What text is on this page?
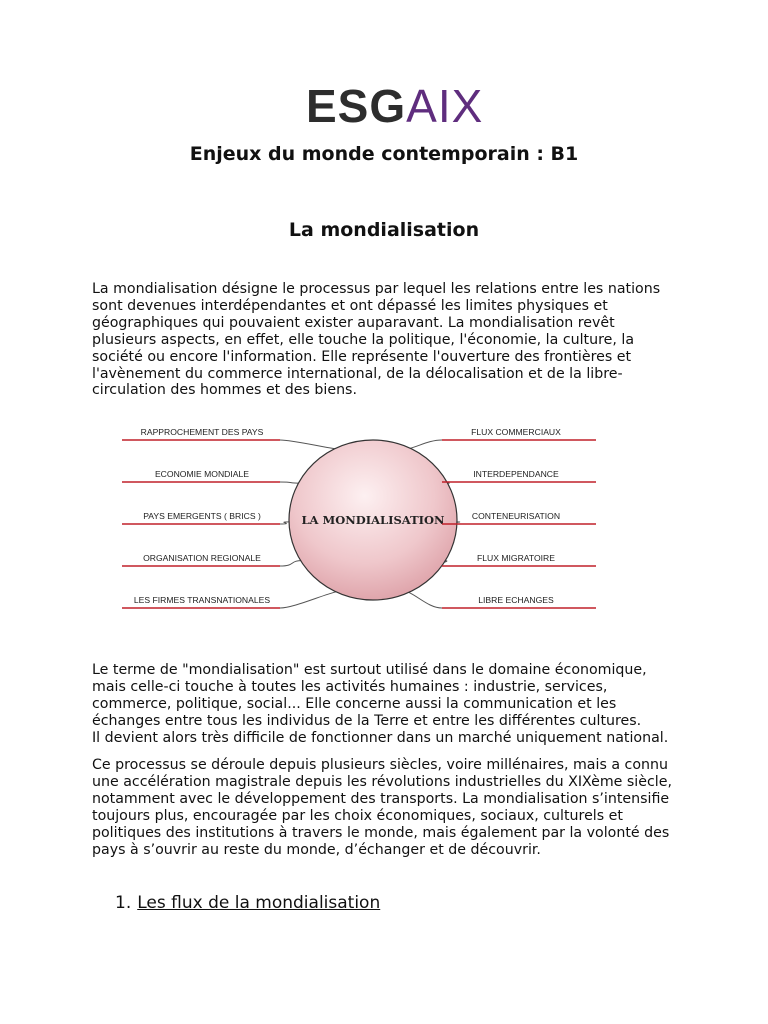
ESGAIX
Enjeux du monde contemporain : B1
La mondialisation
La mondialisation désigne le processus par lequel les relations entre les nations
sont devenues interdépendantes et ont dépassé les limites physiques et
géographiques qui pouvaient exister auparavant. La mondialisation revêt
plusieurs aspects, en effet, elle touche la politique, l'économie, la culture, la
société ou encore l'information. Elle représente l'ouverture des frontières et
l'avènement du commerce international, de la délocalisation et de la libre-
circulation des hommes et des biens.
LA MONDIALISATION
RAPPROCHEMENT DES PAYS
ECONOMIE MONDIALE
PAYS EMERGENTS ( BRICS )
ORGANISATION REGIONALE
LES FIRMES TRANSNATIONALES
FLUX COMMERCIAUX
INTERDEPENDANCE
CONTENEURISATION
FLUX MIGRATOIRE
LIBRE ECHANGES
Le terme de "mondialisation" est surtout utilisé dans le domaine économique,
mais celle-ci touche à toutes les activités humaines : industrie, services,
commerce, politique, social... Elle concerne aussi la communication et les
échanges entre tous les individus de la Terre et entre les différentes cultures.
Il devient alors très difficile de fonctionner dans un marché uniquement national.
Ce processus se déroule depuis plusieurs siècles, voire millénaires, mais a connu
une accélération magistrale depuis les révolutions industrielles du XIXème siècle,
notamment avec le développement des transports. La mondialisation s’intensifie
toujours plus, encouragée par les choix économiques, sociaux, culturels et
politiques des institutions à travers le monde, mais également par la volonté des
pays à s’ouvrir au reste du monde, d’échanger et de découvrir.
1. Les flux de la mondialisation
